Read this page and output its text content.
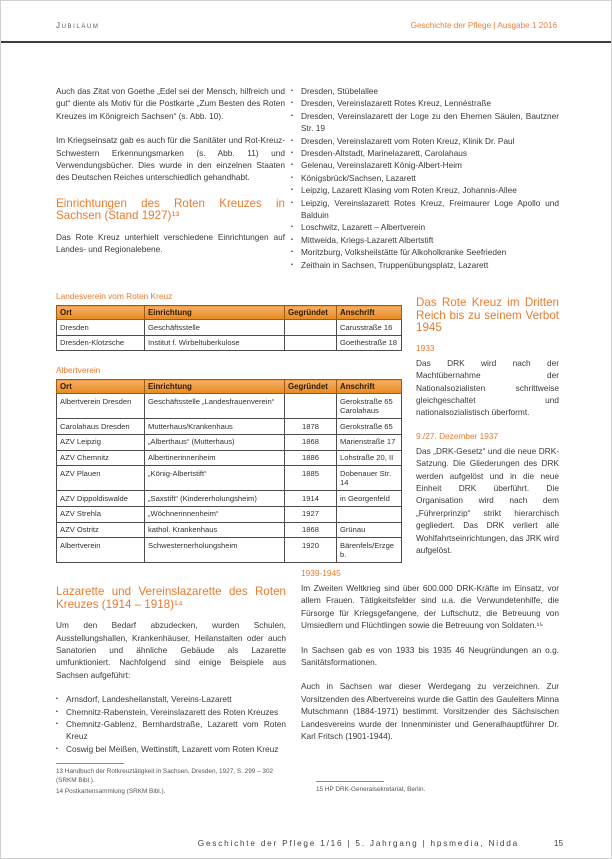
Jubiläum	Geschichte der Pflege | Ausgabe 1 2016

Auch das Zitat von Goethe „Edel sei der Mensch, hilfreich und gut“ diente als Motiv für die Postkarte „Zum Besten des Roten Kreuzes im Königreich Sachsen“ (s. Abb. 10).

Im Kriegseinsatz gab es auch für die Sanitäter und Rot-Kreuz-Schwestern Erkennungsmarken (s. Abb. 11) und Verwendungsbücher. Dies wurde in den einzelnen Staaten des Deutschen Reiches unterschiedlich gehandhabt.

Einrichtungen des Roten Kreuzes in Sachsen (Stand 1927)¹³

Das Rote Kreuz unterhielt verschiedene Einrichtungen auf Landes- und Regionalebene.

▪ Dresden, Stübelallee
▪ Dresden, Vereinslazarett Rotes Kreuz, Lennéstraße
▪ Dresden, Vereinslazarett der Loge zu den Ehernen Säulen, Bautzner Str. 19
▪ Dresden, Vereinslazarett vom Roten Kreuz, Klinik Dr. Paul
▪ Dresden-Altstadt, Marinelazarett, Carolahaus
▪ Gelenau, Vereinslazarett König-Albert-Heim
▪ Königsbrück/Sachsen, Lazarett
▪ Leipzig, Lazarett Klasing vom Roten Kreuz, Johannis-Allee
▪ Leipzig, Vereinslazarett Rotes Kreuz, Freimaurer Loge Apollo und Balduin
▪ Loschwitz, Lazarett – Albertverein
▪ Mittweida, Kriegs-Lazarett Albertstift
▪ Moritzburg, Volksheilstätte für Alkoholkranke Seefrieden
▪ Zeithain in Sachsen, Truppenübungsplatz, Lazarett
Landesverein vom Roten Kreuz
Ort	Einrichtung	Gegründet	Anschrift
Dresden	Geschäftsstelle		Carusstraße 16
Dresden-Klotzsche	Institut f. Wirbeltuberkulose		Goethestraße 18
Albertverein
Ort	Einrichtung	Gegründet	Anschrift
Albertverein Dresden	Geschäftsstelle „Landesfrauenverein“		Gerokstraße 65 Carolahaus
Carolahaus Dresden	Mutterhaus/Krankenhaus	1878	Gerokstraße 65
AZV Leipzig	„Alberthaus“ (Mutterhaus)	1868	Marienstraße 17
AZV Chemnitz	Albertinerinnenheim	1886	Lohstraße 20, II
AZV Plauen	„König-Albertstift“	1885	Dobenauer Str. 14
AZV Dippoldiswalde	„Saxstift“ (Kindererholungsheim)	1914	in Georgenfeld
AZV Strehla	„Wöchnerinnenheim“	1927	
AZV Ostritz	kathol. Krankenhaus	1868	Grünau
Albertverein	Schwesternerholungsheim	1920	Bärenfels/Erzgeb.
Das Rote Kreuz im Dritten Reich bis zu seinem Verbot 1945
1933

Das DRK wird nach der Machtübernahme der Nationalsozialisten schrittweise gleichgeschaltet und nationalsozialistisch überformt.

9./27. Dezember 1937

Das „DRK-Gesetz“ und die neue DRK-Satzung. Die Gliederungen des DRK werden aufgelöst und in die neue Einheit DRK überführt. Die Organisation wird nach dem „Führerprinzip“ strikt hierarchisch gegliedert. Das DRK verliert alle Wohlfahrtseinrichtungen, das JRK wird aufgelöst.

Lazarette und Vereinslazarette des Roten Kreuzes (1914 – 1918)¹⁴

Um den Bedarf abzudecken, wurden Schulen, Ausstellungshallen, Krankenhäuser, Heilanstalten oder auch Sanatorien und ähnliche Gebäude als Lazarette umfunktioniert. Nachfolgend sind einige Beispiele aus Sachsen aufgeführt:

▪ Arnsdorf, Landesheilanstalt, Vereins-Lazarett
▪ Chemnitz-Rabenstein, Vereinslazarett des Roten Kreuzes
▪ Chemnitz-Gablenz, Bernhardstraße, Lazarett vom Roten Kreuz
▪ Coswig bei Meißen, Wettinstift, Lazarett vom Roten Kreuz
1939-1945

Im Zweiten Weltkrieg sind über 600.000 DRK-Kräfte im Einsatz, vor allem Frauen. Tätigkeitsfelder sind u.a. die Verwundetenhilfe, die Fürsorge für Kriegsgefangene, der Luftschutz, die Betreuung von Umsiedlern und Flüchtlingen sowie die Betreuung von Soldaten.¹⁵

In Sachsen gab es von 1933 bis 1935 46 Neugründungen an o.g. Sanitätsformationen.

Auch in Sachsen war dieser Werdegang zu verzeichnen. Zur Vorsitzenden des Albertvereins wurde die Gattin des Gauleiters Minna Mutschmann (1884-1971) bestimmt. Vorsitzender des Sächsischen Landesvereins wurde der Innenminister und Generalhauptführer Dr. Karl Fritsch (1901-1944).

13 Handbuch der Rotkreuztätigkeit in Sachsen, Dresden, 1927, S. 299 – 302 (SRKM Bibl.).
14 Postkartensammlung (SRKM Bibl.).	15 HP DRK-Generalsekretariat, Berlin.
Geschichte der Pflege 1/16 | 5. Jahrgang | hpsmedia, Nidda	15
